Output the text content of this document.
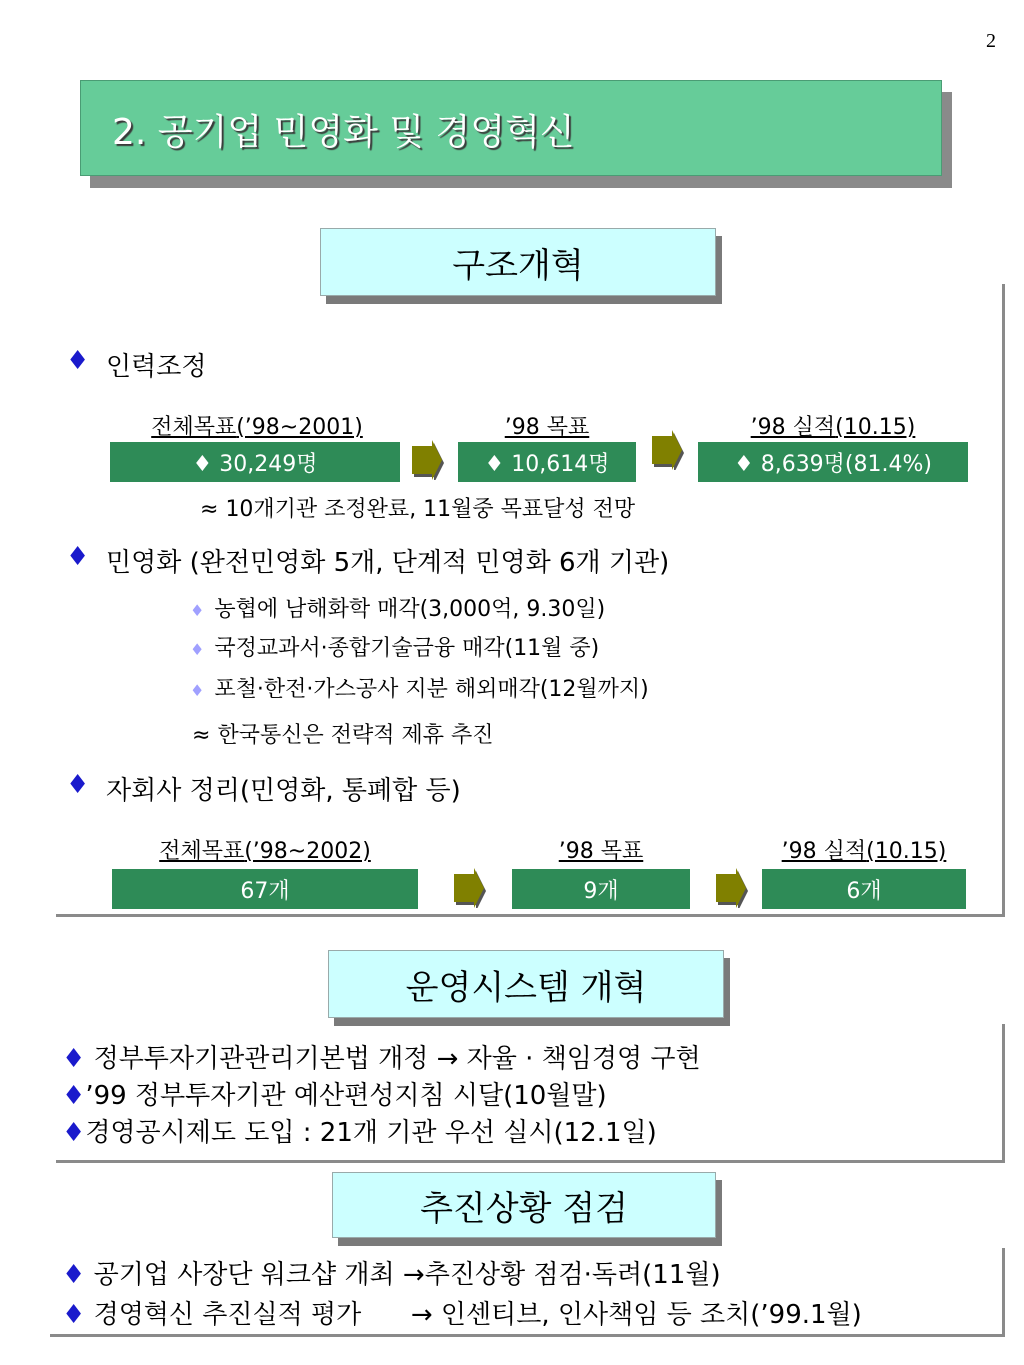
2
2. 공기업 민영화 및 경영혁신
구조개혁
♦ 인력조정
전체목표(’98~2001)	’98 목표	’98 실적(10.15)
♦ 30,249명	♦ 10,614명	♦ 8,639명(81.4%)
≈ 10개기관 조정완료, 11월중 목표달성 전망
♦ 민영화 (완전민영화 5개, 단계적 민영화 6개 기관)
♦ 농협에 남해화학 매각(3,000억, 9.30일)
♦ 국정교과서·종합기술금융 매각(11월 중)
♦ 포철·한전·가스공사 지분 해외매각(12월까지)
≈ 한국통신은 전략적 제휴 추진
♦ 자회사 정리(민영화, 통폐합 등)
전체목표(’98~2002)	’98 목표	’98 실적(10.15)
67개	9개	6개
운영시스템 개혁
♦ 정부투자기관관리기본법 개정 → 자율 · 책임경영 구현
♦’99 정부투자기관 예산편성지침 시달(10월말)
♦경영공시제도 도입 : 21개 기관 우선 실시(12.1일)
추진상황 점검
♦ 공기업 사장단 워크샵 개최 →추진상황 점검·독려(11월)
♦ 경영혁신 추진실적 평가      → 인센티브, 인사책임 등 조치(’99.1월)
